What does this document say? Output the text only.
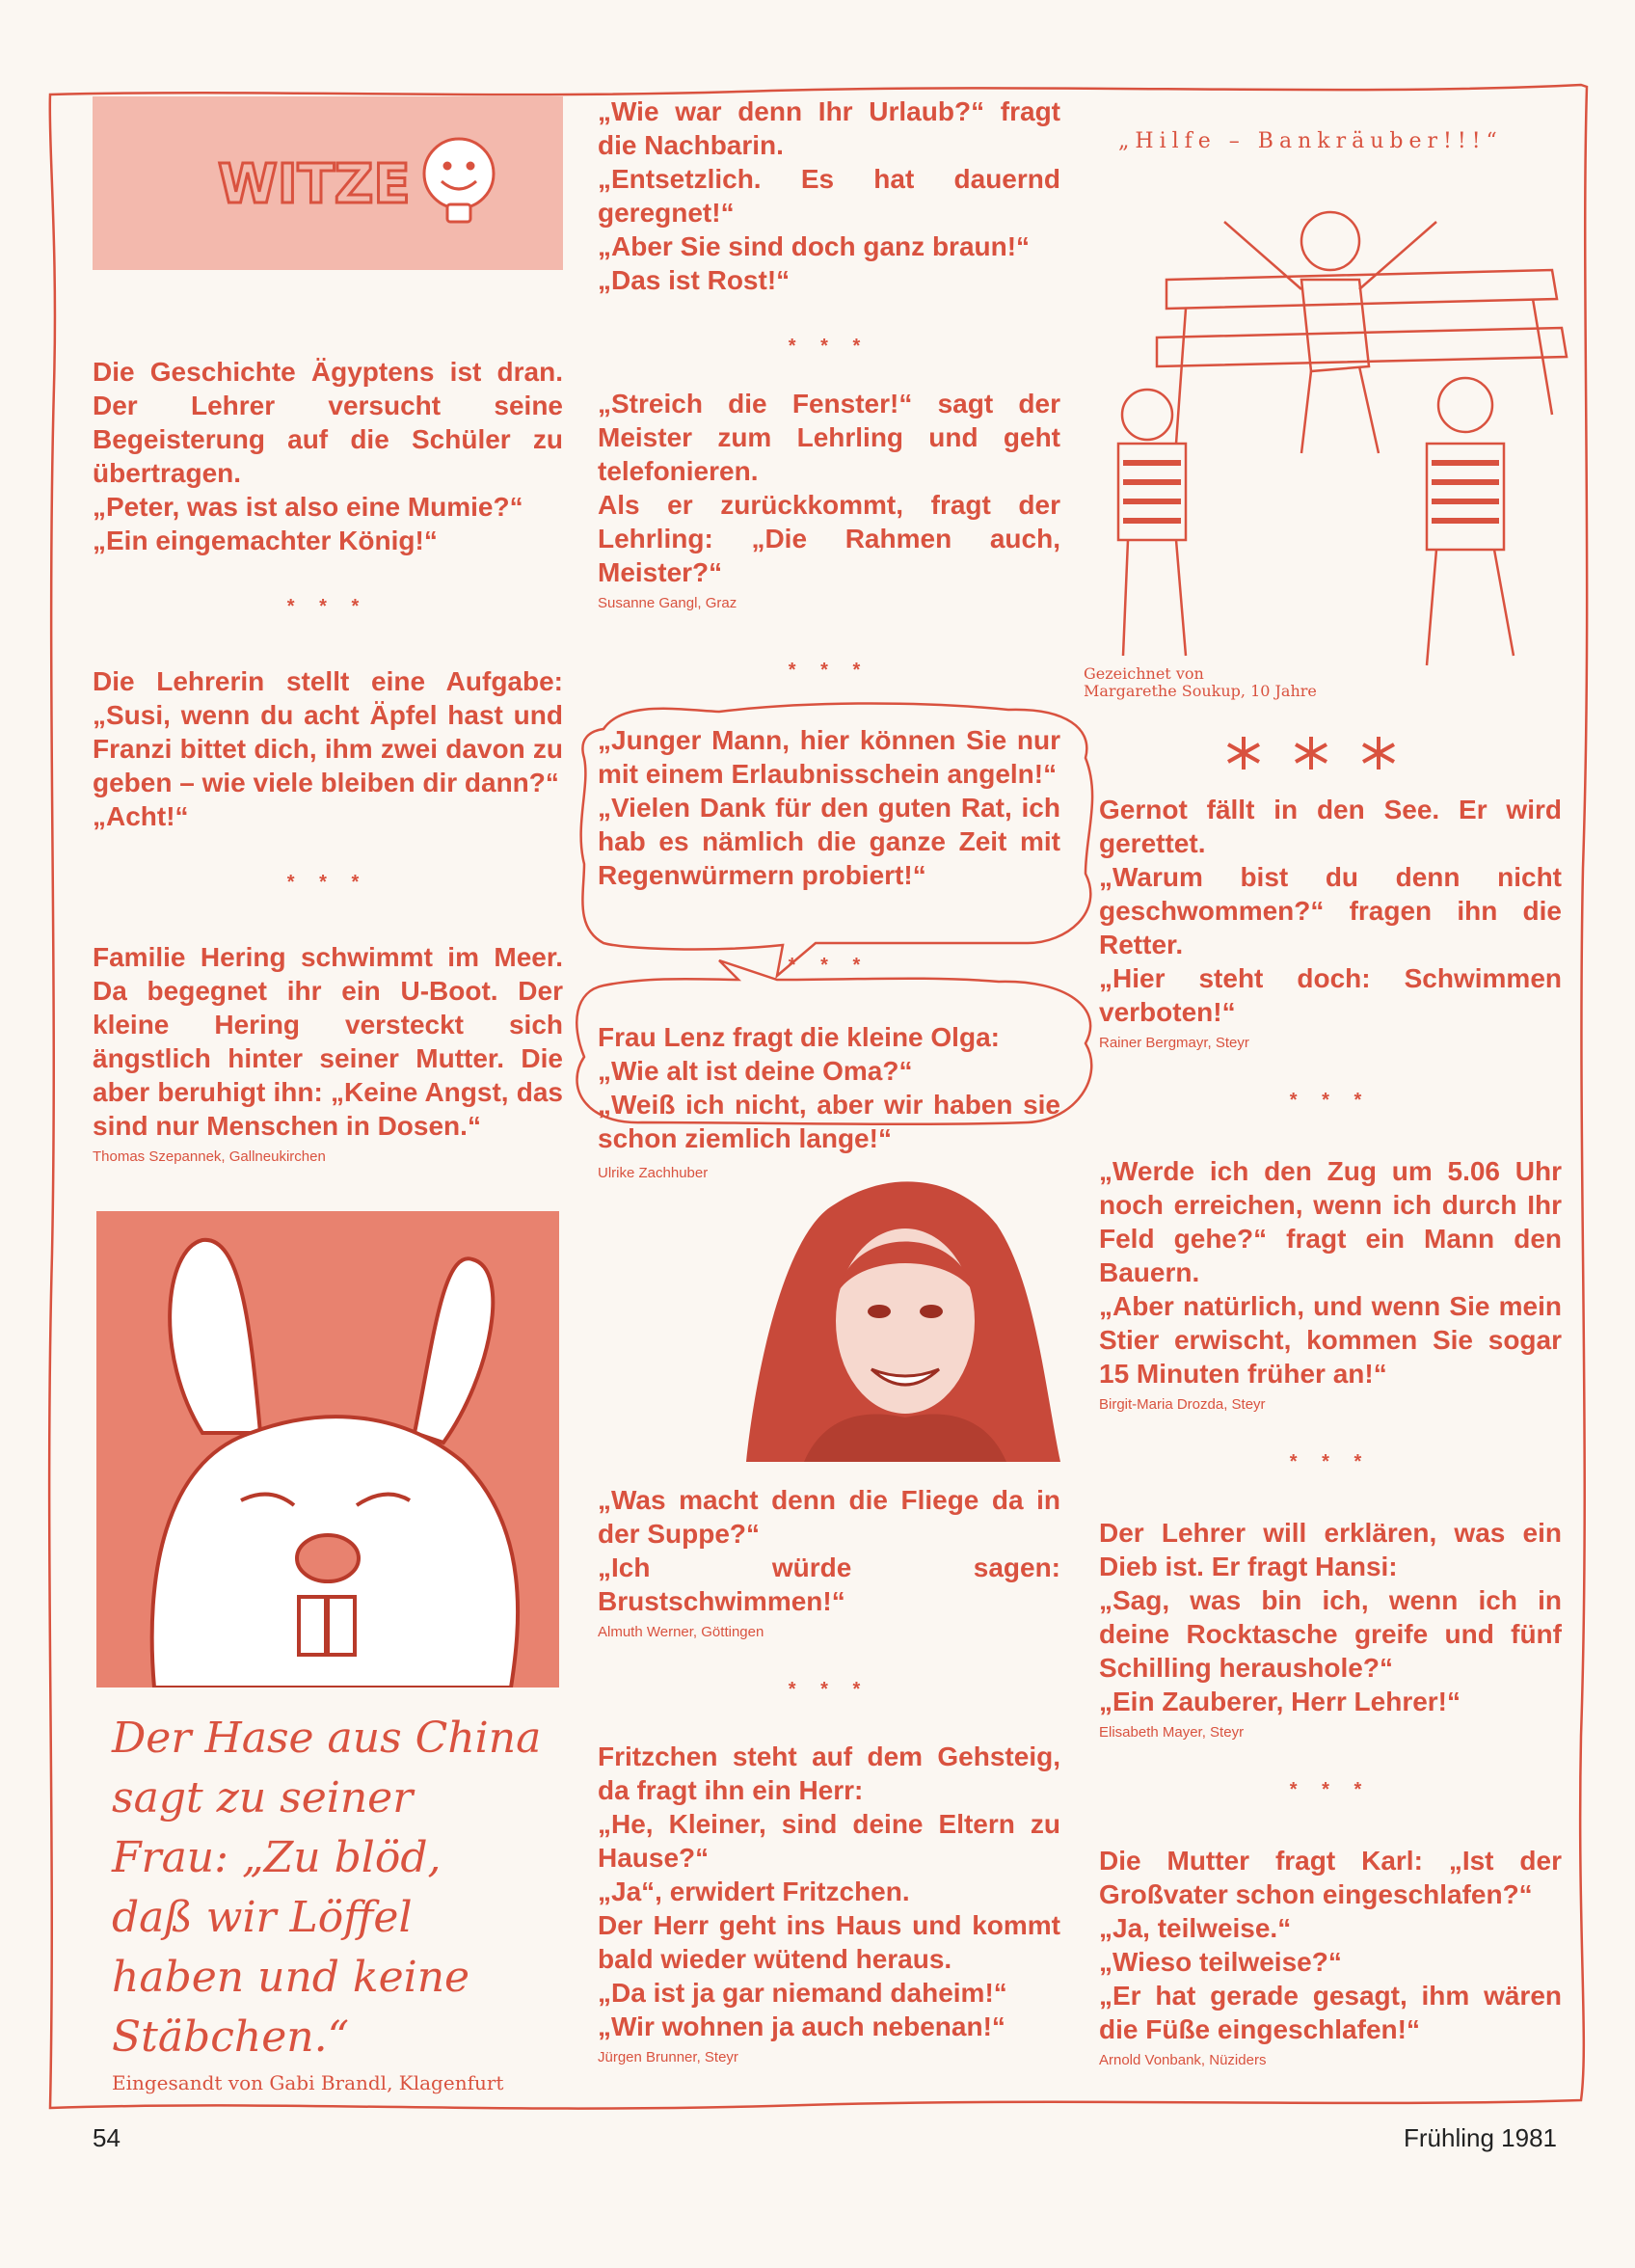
WITZE

Die Geschichte Ägyptens ist dran. Der Lehrer versucht seine Begeisterung auf die Schüler zu übertragen.

„Peter, was ist also eine Mumie?“

„Ein eingemachter König!“

* * *

Die Lehrerin stellt eine Aufgabe: „Susi, wenn du acht Äpfel hast und Franzi bittet dich, ihm zwei davon zu geben – wie viele bleiben dir dann?“

„Acht!“

* * *

Familie Hering schwimmt im Meer. Da begegnet ihr ein U-Boot. Der kleine Hering versteckt sich ängstlich hinter seiner Mutter. Die aber beruhigt ihn: „Keine Angst, das sind nur Menschen in Dosen.“

Thomas Szepannek, Gallneukirchen

Der Hase aus China
sagt zu seiner
Frau: „Zu blöd,
daß wir Löffel
haben und keine
Stäbchen.“
Eingesandt von Gabi Brandl, Klagenfurt

„Wie war denn Ihr Urlaub?“ fragt die Nachbarin.

„Entsetzlich. Es hat dauernd geregnet!“

„Aber Sie sind doch ganz braun!“

„Das ist Rost!“

* * *

„Streich die Fenster!“ sagt der Meister zum Lehrling und geht telefonieren.

Als er zurückkommt, fragt der Lehrling: „Die Rahmen auch, Meister?“

Susanne Gangl, Graz

* * *

„Junger Mann, hier können Sie nur mit einem Erlaubnisschein angeln!“

„Vielen Dank für den guten Rat, ich hab es nämlich die ganze Zeit mit Regenwürmern probiert!“

* * *

Frau Lenz fragt die kleine Olga:

„Wie alt ist deine Oma?“

„Weiß ich nicht, aber wir haben sie schon ziemlich lange!“

Ulrike Zachhuber

„Was macht denn die Fliege da in der Suppe?“

„Ich würde sagen: Brustschwimmen!“

Almuth Werner, Göttingen

* * *

Fritzchen steht auf dem Gehsteig, da fragt ihn ein Herr:

„He, Kleiner, sind deine Eltern zu Hause?“

„Ja“, erwidert Fritzchen.

Der Herr geht ins Haus und kommt bald wieder wütend heraus.

„Da ist ja gar niemand daheim!“

„Wir wohnen ja auch nebenan!“

Jürgen Brunner, Steyr

„Hilfe – Bankräuber!!!“
Gezeichnet von
Margarethe Soukup, 10 Jahre

Gernot fällt in den See. Er wird gerettet.

„Warum bist du denn nicht geschwommen?“ fragen ihn die Retter.

„Hier steht doch: Schwimmen verboten!“

Rainer Bergmayr, Steyr

* * *

„Werde ich den Zug um 5.06 Uhr noch erreichen, wenn ich durch Ihr Feld gehe?“ fragt ein Mann den Bauern.

„Aber natürlich, und wenn Sie mein Stier erwischt, kommen Sie sogar 15 Minuten früher an!“

Birgit-Maria Drozda, Steyr

* * *

Der Lehrer will erklären, was ein Dieb ist. Er fragt Hansi:

„Sag, was bin ich, wenn ich in deine Rocktasche greife und fünf Schilling heraushole?“

„Ein Zauberer, Herr Lehrer!“

Elisabeth Mayer, Steyr

* * *

Die Mutter fragt Karl: „Ist der Großvater schon eingeschlafen?“

„Ja, teilweise.“

„Wieso teilweise?“

„Er hat gerade gesagt, ihm wären die Füße eingeschlafen!“

Arnold Vonbank, Nüziders

54	Frühling 1981
